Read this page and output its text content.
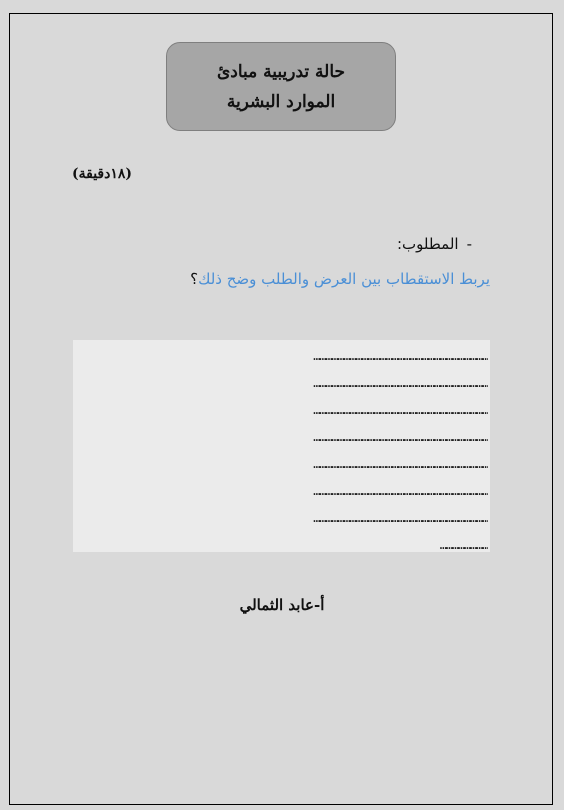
حالة تدريبية مبادئ
الموارد البشرية
(١٨دقيقة)
-
المطلوب:
يربط الاستقطاب بين العرض والطلب وضح ذلك؟
……………………………………………………………………………
……………………………………………………………………………
……………………………………………………………………………
……………………………………………………………………………
……………………………………………………………………………
……………………………………………………………………………
……………………………………………………………………………
……………………
أ-عابد الثمالي
